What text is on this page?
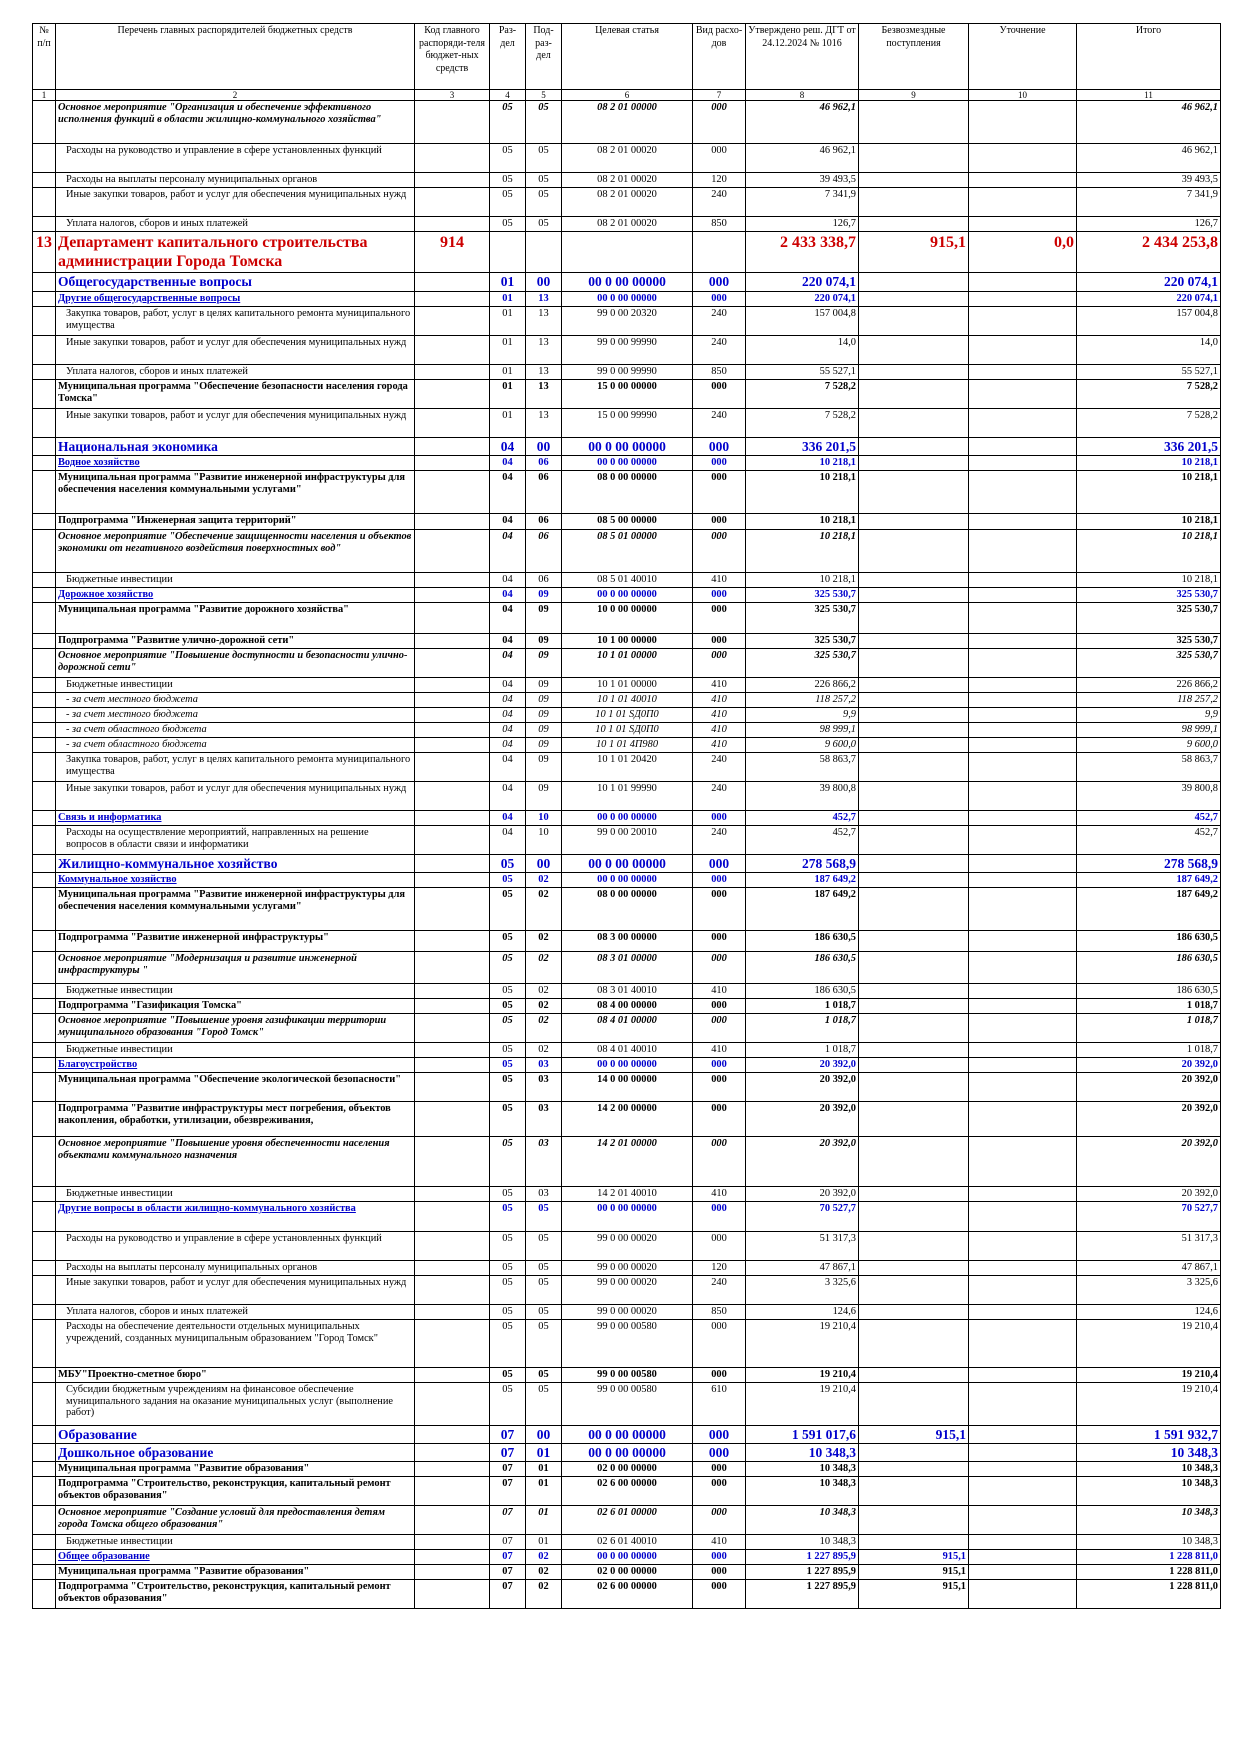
№ п/п	Перечень главных распорядителей бюджетных средств	Код главного распоряди-теля бюджет-ных средств	Раз-дел	Под-раз-дел	Целевая статья	Вид расхо-дов	Утверждено реш. ДГТ от 24.12.2024 № 1016	Безвозмездные поступления	Уточнение	Итого
1	2	3	4	5	6	7	8	9	10	11
	Основное мероприятие "Организация и обеспечение эффективного исполнения функций в области жилищно-коммунального хозяйства"		05	05	08 2 01 00000	000	46 962,1			46 962,1
	Расходы на руководство и управление в сфере установленных функций		05	05	08 2 01 00020	000	46 962,1			46 962,1
	Расходы на выплаты персоналу муниципальных органов		05	05	08 2 01 00020	120	39 493,5			39 493,5
	Иные закупки товаров, работ и услуг для обеспечения муниципальных нужд		05	05	08 2 01 00020	240	7 341,9			7 341,9
	Уплата налогов, сборов и иных платежей		05	05	08 2 01 00020	850	126,7			126,7
13	Департамент капитального строительства администрации Города Томска	914					2 433 338,7	915,1	0,0	2 434 253,8
	Общегосударственные вопросы		01	00	00 0 00 00000	000	220 074,1			220 074,1
	Другие общегосударственные вопросы		01	13	00 0 00 00000	000	220 074,1			220 074,1
	Закупка товаров, работ, услуг в целях капитального ремонта муниципального имущества		01	13	99 0 00 20320	240	157 004,8			157 004,8
	Иные закупки товаров, работ и услуг для обеспечения муниципальных нужд		01	13	99 0 00 99990	240	14,0			14,0
	Уплата налогов, сборов и иных платежей		01	13	99 0 00 99990	850	55 527,1			55 527,1
	Муниципальная программа "Обеспечение безопасности населения города Томска"		01	13	15 0 00 00000	000	7 528,2			7 528,2
	Иные закупки товаров, работ и услуг для обеспечения муниципальных нужд		01	13	15 0 00 99990	240	7 528,2			7 528,2
	Национальная экономика		04	00	00 0 00 00000	000	336 201,5			336 201,5
	Водное хозяйство		04	06	00 0 00 00000	000	10 218,1			10 218,1
	Муниципальная программа "Развитие инженерной инфраструктуры для обеспечения населения коммунальными услугами"		04	06	08 0 00 00000	000	10 218,1			10 218,1
	Подпрограмма "Инженерная защита территорий"		04	06	08 5 00 00000	000	10 218,1			10 218,1
	Основное мероприятие "Обеспечение защищенности населения и объектов экономики от негативного воздействия поверхностных вод"		04	06	08 5 01 00000	000	10 218,1			10 218,1
	Бюджетные инвестиции		04	06	08 5 01 40010	410	10 218,1			10 218,1
	Дорожное хозяйство		04	09	00 0 00 00000	000	325 530,7			325 530,7
	Муниципальная программа "Развитие дорожного хозяйства"		04	09	10 0 00 00000	000	325 530,7			325 530,7
	Подпрограмма "Развитие улично-дорожной сети"		04	09	10 1 00 00000	000	325 530,7			325 530,7
	Основное мероприятие "Повышение доступности и безопасности улично-дорожной сети"		04	09	10 1 01 00000	000	325 530,7			325 530,7
	Бюджетные инвестиции		04	09	10 1 01 00000	410	226 866,2			226 866,2
	- за счет местного бюджета		04	09	10 1 01 40010	410	118 257,2			118 257,2
	- за счет местного бюджета		04	09	10 1 01 SД0П0	410	9,9			9,9
	- за счет областного бюджета		04	09	10 1 01 SД0П0	410	98 999,1			98 999,1
	- за счет областного бюджета		04	09	10 1 01 4П980	410	9 600,0			9 600,0
	Закупка товаров, работ, услуг в целях капитального ремонта муниципального имущества		04	09	10 1 01 20420	240	58 863,7			58 863,7
	Иные закупки товаров, работ и услуг для обеспечения муниципальных нужд		04	09	10 1 01 99990	240	39 800,8			39 800,8
	Связь и информатика		04	10	00 0 00 00000	000	452,7			452,7
	Расходы на осуществление мероприятий, направленных на решение вопросов в области связи и информатики		04	10	99 0 00 20010	240	452,7			452,7
	Жилищно-коммунальное хозяйство		05	00	00 0 00 00000	000	278 568,9			278 568,9
	Коммунальное хозяйство		05	02	00 0 00 00000	000	187 649,2			187 649,2
	Муниципальная программа "Развитие инженерной инфраструктуры для обеспечения населения коммунальными услугами"		05	02	08 0 00 00000	000	187 649,2			187 649,2
	Подпрограмма "Развитие инженерной инфраструктуры"		05	02	08 3 00 00000	000	186 630,5			186 630,5
	Основное мероприятие "Модернизация и развитие инженерной инфраструктуры "		05	02	08 3 01 00000	000	186 630,5			186 630,5
	Бюджетные инвестиции		05	02	08 3 01 40010	410	186 630,5			186 630,5
	Подпрограмма "Газификация Томска"		05	02	08 4 00 00000	000	1 018,7			1 018,7
	Основное мероприятие "Повышение уровня газификации территории муниципального образования "Город Томск"		05	02	08 4 01 00000	000	1 018,7			1 018,7
	Бюджетные инвестиции		05	02	08 4 01 40010	410	1 018,7			1 018,7
	Благоустройство		05	03	00 0 00 00000	000	20 392,0			20 392,0
	Муниципальная программа "Обеспечение экологической безопасности"		05	03	14 0 00 00000	000	20 392,0			20 392,0
	Подпрограмма "Развитие инфраструктуры мест погребения, объектов накопления, обработки, утилизации, обезвреживания,		05	03	14 2 00 00000	000	20 392,0			20 392,0
	Основное мероприятие "Повышение уровня обеспеченности населения объектами коммунального назначения		05	03	14 2 01 00000	000	20 392,0			20 392,0
	Бюджетные инвестиции		05	03	14 2 01 40010	410	20 392,0			20 392,0
	Другие вопросы в области жилищно-коммунального хозяйства		05	05	00 0 00 00000	000	70 527,7			70 527,7
	Расходы на руководство и управление в сфере установленных функций		05	05	99 0 00 00020	000	51 317,3			51 317,3
	Расходы на выплаты персоналу муниципальных органов		05	05	99 0 00 00020	120	47 867,1			47 867,1
	Иные закупки товаров, работ и услуг для обеспечения муниципальных нужд		05	05	99 0 00 00020	240	3 325,6			3 325,6
	Уплата налогов, сборов и иных платежей		05	05	99 0 00 00020	850	124,6			124,6
	Расходы на обеспечение деятельности отдельных муниципальных учреждений, созданных муниципальным образованием "Город Томск"		05	05	99 0 00 00580	000	19 210,4			19 210,4
	МБУ"Проектно-сметное бюро"		05	05	99 0 00 00580	000	19 210,4			19 210,4
	Субсидии бюджетным учреждениям на финансовое обеспечение муниципального задания на оказание муниципальных услуг (выполнение работ)		05	05	99 0 00 00580	610	19 210,4			19 210,4
	Образование		07	00	00 0 00 00000	000	1 591 017,6	915,1		1 591 932,7
	Дошкольное образование		07	01	00 0 00 00000	000	10 348,3			10 348,3
	Муниципальная программа "Развитие образования"		07	01	02 0 00 00000	000	10 348,3			10 348,3
	Подпрограмма "Строительство, реконструкция, капитальный ремонт объектов образования"		07	01	02 6 00 00000	000	10 348,3			10 348,3
	Основное мероприятие "Создание условий для предоставления детям города Томска общего образования"		07	01	02 6 01 00000	000	10 348,3			10 348,3
	Бюджетные инвестиции		07	01	02 6 01 40010	410	10 348,3			10 348,3
	Общее образование		07	02	00 0 00 00000	000	1 227 895,9	915,1		1 228 811,0
	Муниципальная программа "Развитие образования"		07	02	02 0 00 00000	000	1 227 895,9	915,1		1 228 811,0
	Подпрограмма "Строительство, реконструкция, капитальный ремонт объектов образования"		07	02	02 6 00 00000	000	1 227 895,9	915,1		1 228 811,0
